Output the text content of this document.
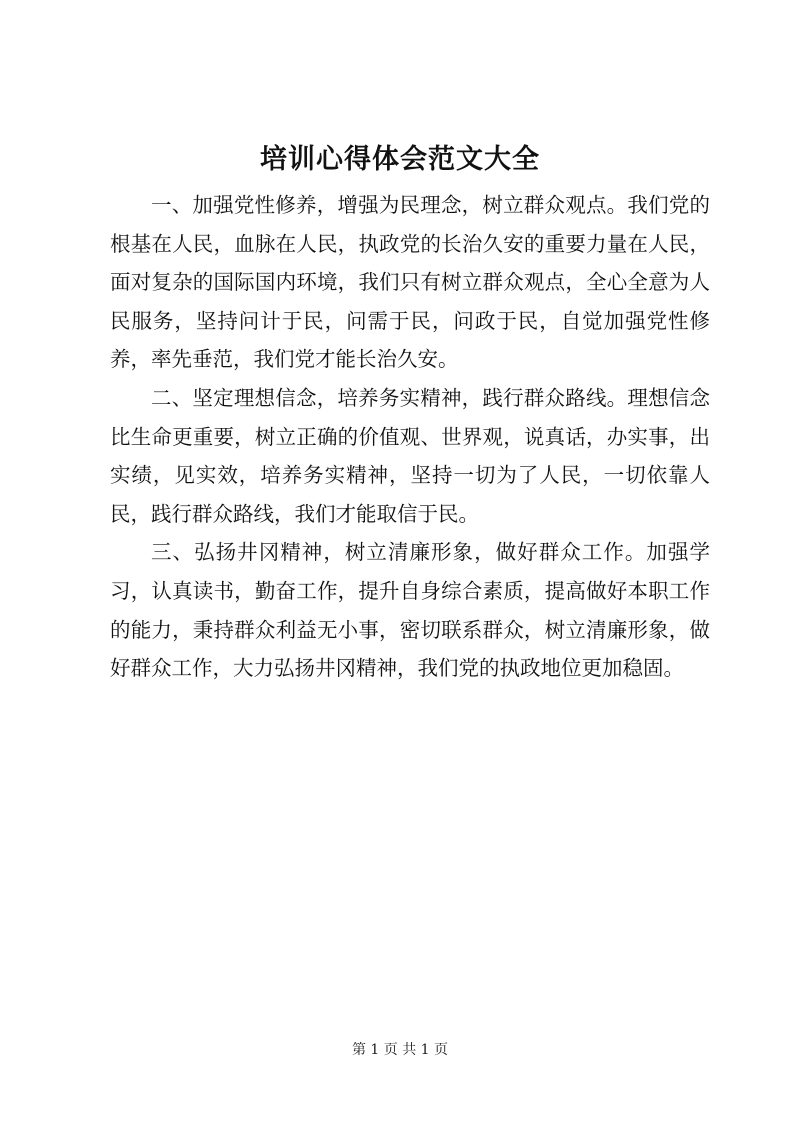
培训心得体会范文大全

一、加强党性修养，增强为民理念，树立群众观点。我们党的根基在人民，血脉在人民，执政党的长治久安的重要力量在人民，面对复杂的国际国内环境，我们只有树立群众观点，全心全意为人民服务，坚持问计于民，问需于民，问政于民，自觉加强党性修养，率先垂范，我们党才能长治久安。

二、坚定理想信念，培养务实精神，践行群众路线。理想信念比生命更重要，树立正确的价值观、世界观，说真话，办实事，出实绩，见实效，培养务实精神，坚持一切为了人民，一切依靠人民，践行群众路线，我们才能取信于民。

三、弘扬井冈精神，树立清廉形象，做好群众工作。加强学习，认真读书，勤奋工作，提升自身综合素质，提高做好本职工作的能力，秉持群众利益无小事，密切联系群众，树立清廉形象，做好群众工作，大力弘扬井冈精神，我们党的执政地位更加稳固。

第 1 页 共 1 页
